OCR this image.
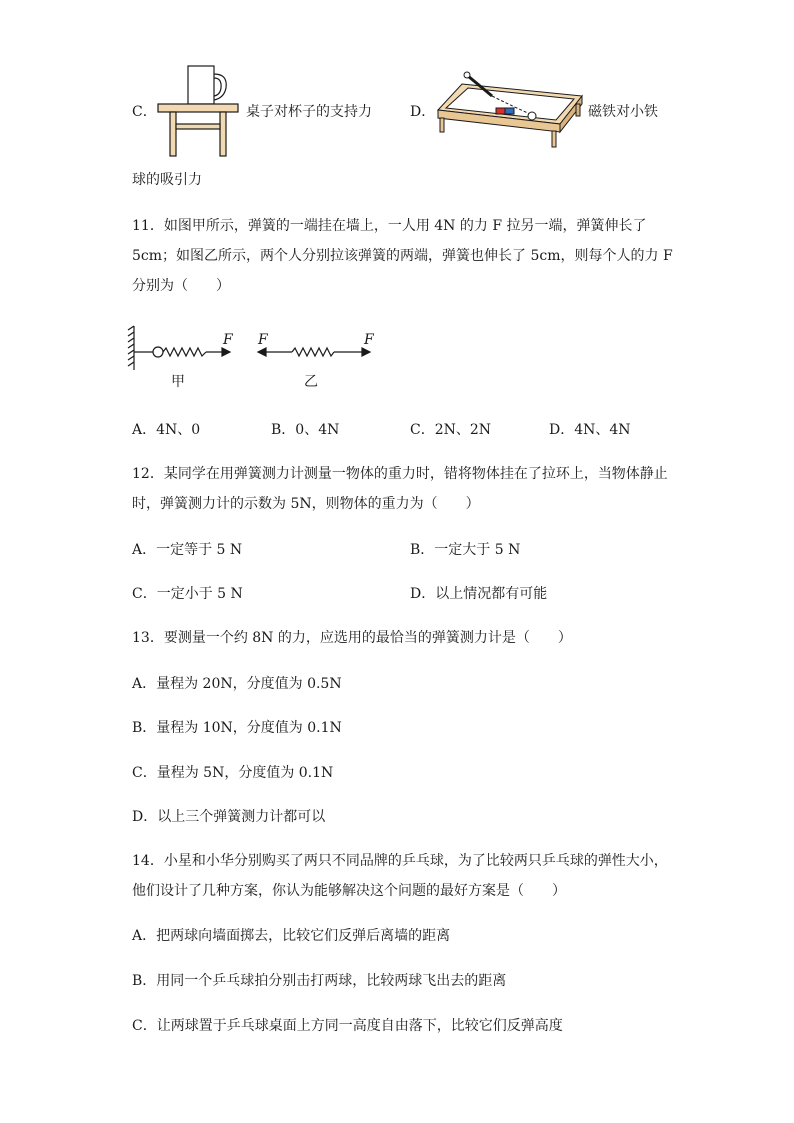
C．	桌子对杯子的支持力	D．	磁铁对小铁
球的吸引力
11．如图甲所示，弹簧的一端挂在墙上，一人用 4N 的力 F 拉另一端，弹簧伸长了
5cm；如图乙所示，两个人分别拉该弹簧的两端，弹簧也伸长了 5cm，则每个人的力 F
分别为（　　）
F
甲
F	F
乙
A．4N、0	B．0、4N	C．2N、2N	D．4N、4N
12．某同学在用弹簧测力计测量一物体的重力时，错将物体挂在了拉环上，当物体静止
时，弹簧测力计的示数为 5N，则物体的重力为（　　）
A．一定等于 5 N	B．一定大于 5 N
C．一定小于 5 N	D．以上情况都有可能
13．要测量一个约 8N 的力，应选用的最恰当的弹簧测力计是（　　）
A．量程为 20N，分度值为 0.5N
B．量程为 10N，分度值为 0.1N
C．量程为 5N，分度值为 0.1N
D．以上三个弹簧测力计都可以
14．小星和小华分别购买了两只不同品牌的乒乓球，为了比较两只乒乓球的弹性大小，
他们设计了几种方案，你认为能够解决这个问题的最好方案是（　　）
A．把两球向墙面掷去，比较它们反弹后离墙的距离
B．用同一个乒乓球拍分别击打两球，比较两球飞出去的距离
C．让两球置于乒乓球桌面上方同一高度自由落下，比较它们反弹高度
